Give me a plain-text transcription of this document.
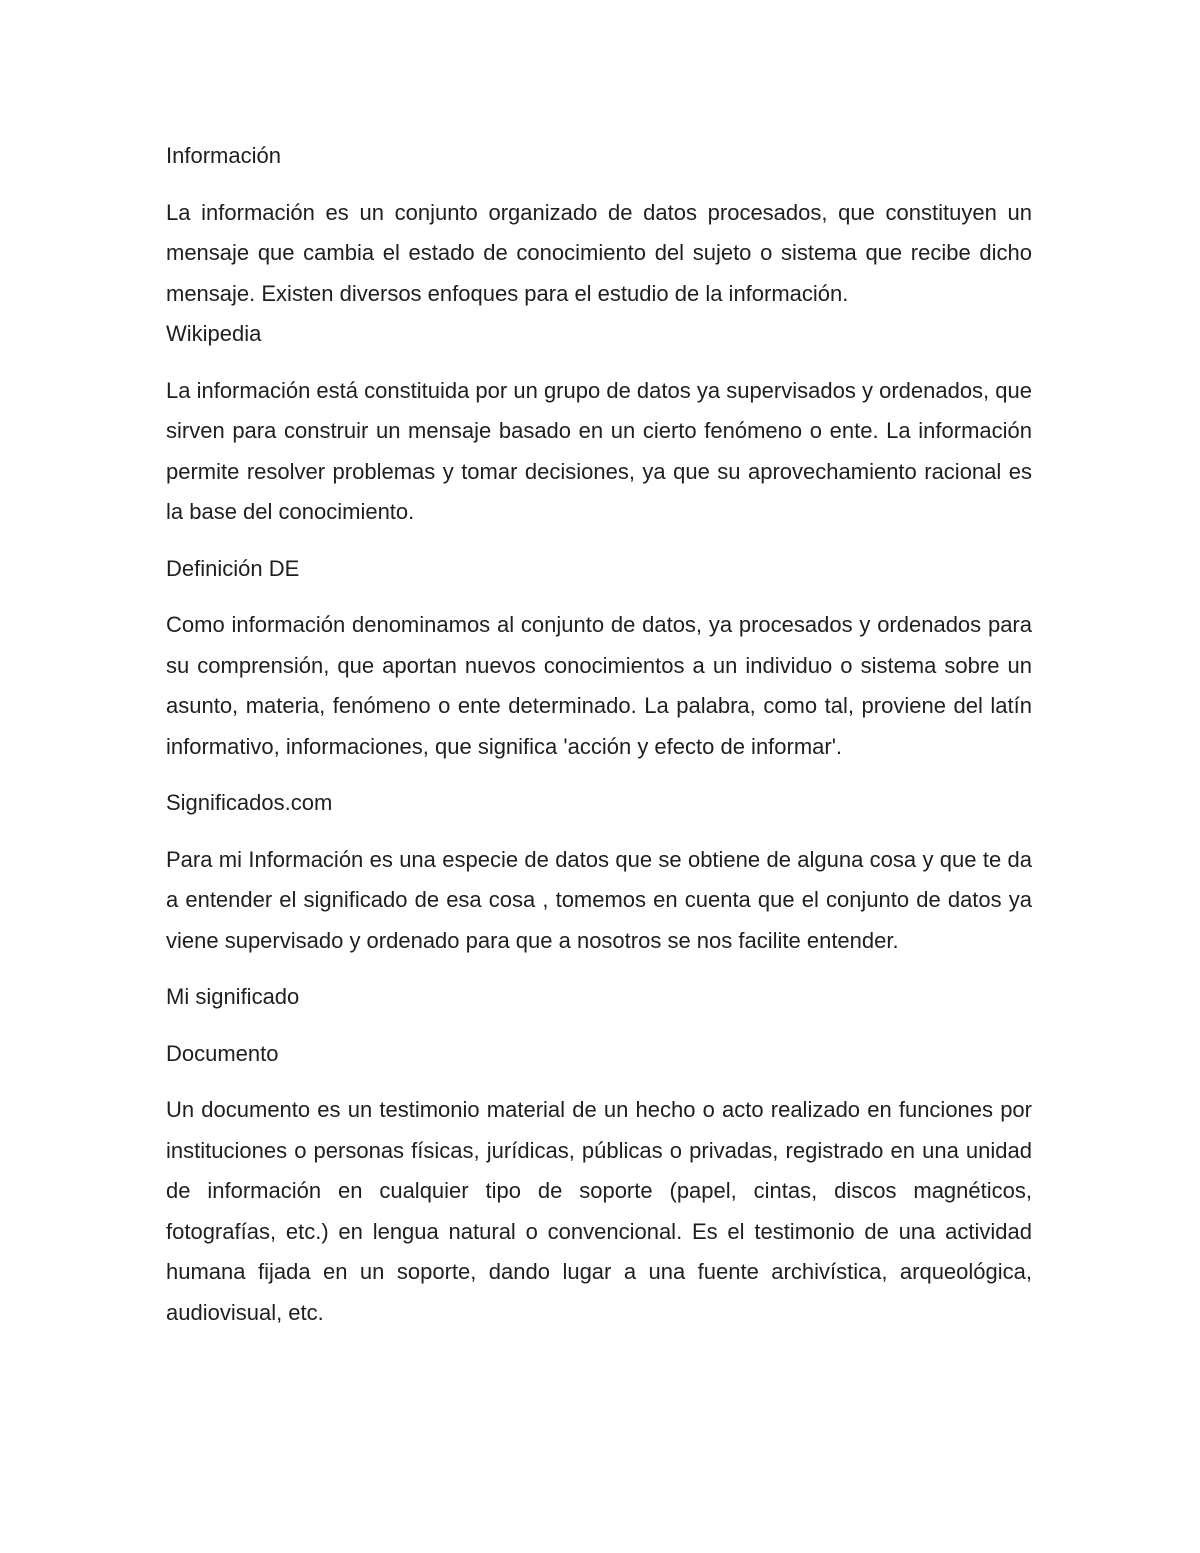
Información

La información es un conjunto organizado de datos procesados, que constituyen un mensaje que cambia el estado de conocimiento del sujeto o sistema que recibe dicho mensaje. Existen diversos enfoques para el estudio de la información.

Wikipedia

La información está constituida por un grupo de datos ya supervisados y ordenados, que sirven para construir un mensaje basado en un cierto fenómeno o ente. La información permite resolver problemas y tomar decisiones, ya que su aprovechamiento racional es la base del conocimiento.

Definición DE

Como información denominamos al conjunto de datos, ya procesados y ordenados para su comprensión, que aportan nuevos conocimientos a un individuo o sistema sobre un asunto, materia, fenómeno o ente determinado. La palabra, como tal, proviene del latín informativo, informaciones, que significa 'acción y efecto de informar'.

Significados.com

Para mi Información es una especie de datos que se obtiene de alguna cosa y que te da a entender el significado de esa cosa , tomemos en cuenta que el conjunto de datos ya viene supervisado y ordenado para que a nosotros se nos facilite entender.

Mi significado

Documento

Un documento es un testimonio material de un hecho o acto realizado en funciones por instituciones o personas físicas, jurídicas, públicas o privadas, registrado en una unidad de información en cualquier tipo de soporte (papel, cintas, discos magnéticos, fotografías, etc.) en lengua natural o convencional. Es el testimonio de una actividad humana fijada en un soporte, dando lugar a una fuente archivística, arqueológica, audiovisual, etc.
